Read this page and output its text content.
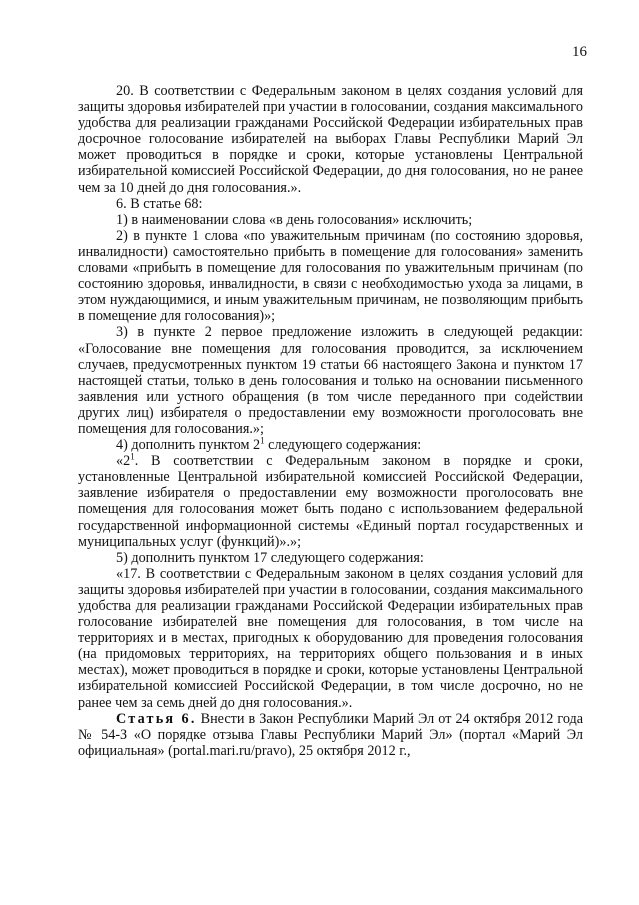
16

20. В соответствии с Федеральным законом в целях создания условий для защиты здоровья избирателей при участии в голосовании, создания максимального удобства для реализации гражданами Российской Федерации избирательных прав досрочное голосование избирателей на выборах Главы Республики Марий Эл может проводиться в порядке и сроки, которые установлены Центральной избирательной комиссией Российской Федерации, до дня голосования, но не ранее чем за 10 дней до дня голосования.».

6. В статье 68:

1) в наименовании слова «в день голосования» исключить;

2) в пункте 1 слова «по уважительным причинам (по состоянию здоровья, инвалидности) самостоятельно прибыть в помещение для голосования» заменить словами «прибыть в помещение для голосования по уважительным причинам (по состоянию здоровья, инвалидности, в связи с необходимостью ухода за лицами, в этом нуждающимися, и иным уважительным причинам, не позволяющим прибыть в помещение для голосования)»;

3) в пункте 2 первое предложение изложить в следующей редакции: «Голосование вне помещения для голосования проводится, за исключением случаев, предусмотренных пунктом 19 статьи 66 настоящего Закона и пунктом 17 настоящей статьи, только в день голосования и только на основании письменного заявления или устного обращения (в том числе переданного при содействии других лиц) избирателя о предоставлении ему возможности проголосовать вне помещения для голосования.»;

4) дополнить пунктом $2^1$ следующего содержания:

«$2^1$. В соответствии с Федеральным законом в порядке и сроки, установленные Центральной избирательной комиссией Российской Федерации, заявление избирателя о предоставлении ему возможности проголосовать вне помещения для голосования может быть подано с использованием федеральной государственной информационной системы «Единый портал государственных и муниципальных услуг (функций)».»;

5) дополнить пунктом 17 следующего содержания:

«17. В соответствии с Федеральным законом в целях создания условий для защиты здоровья избирателей при участии в голосовании, создания максимального удобства для реализации гражданами Российской Федерации избирательных прав голосование избирателей вне помещения для голосования, в том числе на территориях и в местах, пригодных к оборудованию для проведения голосования (на придомовых территориях, на территориях общего пользования и в иных местах), может проводиться в порядке и сроки, которые установлены Центральной избирательной комиссией Российской Федерации, в том числе досрочно, но не ранее чем за семь дней до дня голосования.».

Статья 6. Внести в Закон Республики Марий Эл от 24 октября 2012 года № 54-З «О порядке отзыва Главы Республики Марий Эл» (портал «Марий Эл официальная» (portal.mari.ru/pravo), 25 октября 2012 г.,
